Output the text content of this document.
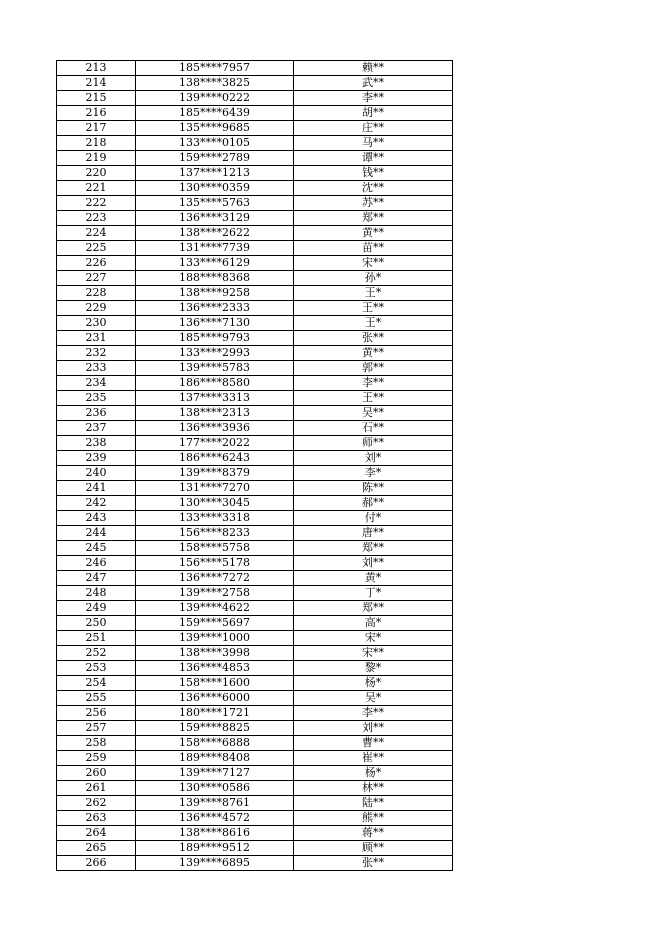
213	185****7957	赖**
214	138****3825	武**
215	139****0222	李**
216	185****6439	胡**
217	135****9685	庄**
218	133****0105	马**
219	159****2789	谭**
220	137****1213	钱**
221	130****0359	沈**
222	135****5763	苏**
223	136****3129	郑**
224	138****2622	黄**
225	131****7739	苗**
226	133****6129	宋**
227	188****8368	孙*
228	138****9258	王*
229	136****2333	王**
230	136****7130	王*
231	185****9793	张**
232	133****2993	黄**
233	139****5783	郭**
234	186****8580	李**
235	137****3313	王**
236	138****2313	吴**
237	136****3936	石**
238	177****2022	师**
239	186****6243	刘*
240	139****8379	李*
241	131****7270	陈**
242	130****3045	郝**
243	133****3318	付*
244	156****8233	唐**
245	158****5758	郑**
246	156****5178	刘**
247	136****7272	黄*
248	139****2758	丁*
249	139****4622	郑**
250	159****5697	高*
251	139****1000	宋*
252	138****3998	宋**
253	136****4853	黎*
254	158****1600	杨*
255	136****6000	吴*
256	180****1721	李**
257	159****8825	刘**
258	158****6888	曹**
259	189****8408	崔**
260	139****7127	杨*
261	130****0586	林**
262	139****8761	陆**
263	136****4572	熊**
264	138****8616	蒋**
265	189****9512	顾**
266	139****6895	张**
